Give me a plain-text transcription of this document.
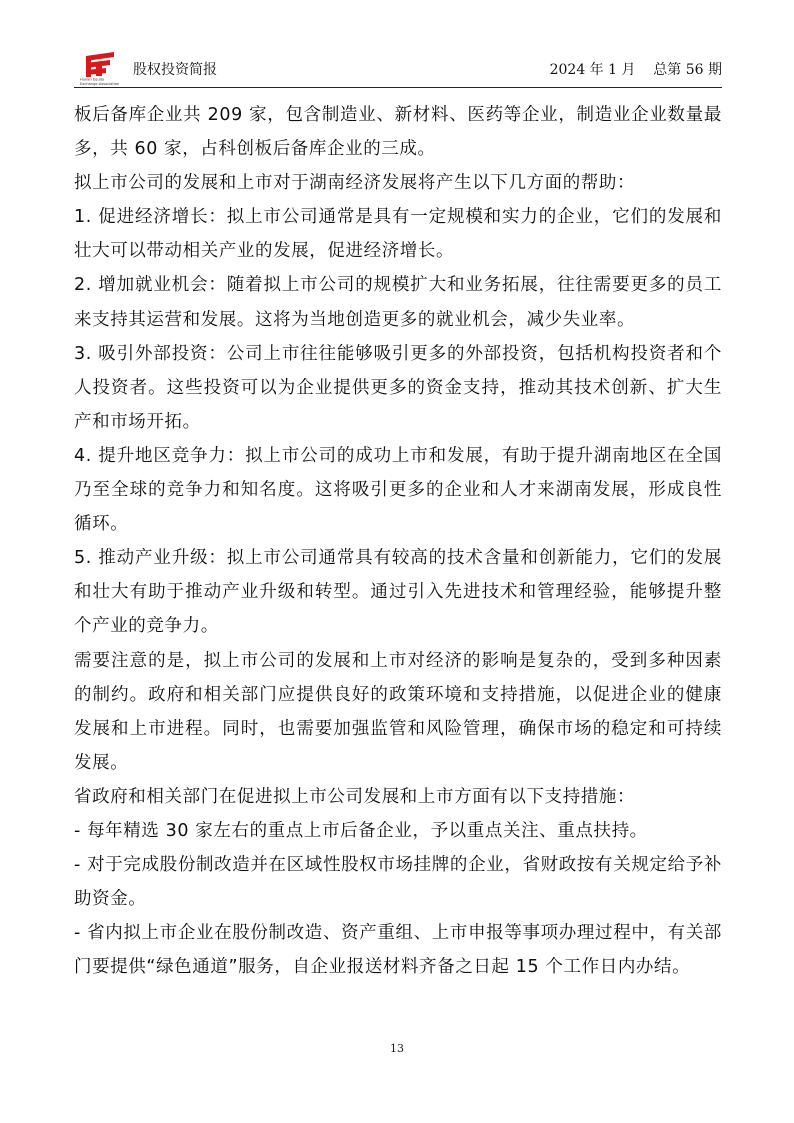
Hunan Equity Exchange Association
股权投资简报	2024 年 1 月    总第 56 期

板后备库企业共 209 家，包含制造业、新材料、医药等企业，制造业企业数量最多，共 60 家，占科创板后备库企业的三成。

拟上市公司的发展和上市对于湖南经济发展将产生以下几方面的帮助：

1. 促进经济增长：拟上市公司通常是具有一定规模和实力的企业，它们的发展和壮大可以带动相关产业的发展，促进经济增长。

2. 增加就业机会：随着拟上市公司的规模扩大和业务拓展，往往需要更多的员工来支持其运营和发展。这将为当地创造更多的就业机会，减少失业率。

3. 吸引外部投资：公司上市往往能够吸引更多的外部投资，包括机构投资者和个人投资者。这些投资可以为企业提供更多的资金支持，推动其技术创新、扩大生产和市场开拓。

4. 提升地区竞争力：拟上市公司的成功上市和发展，有助于提升湖南地区在全国乃至全球的竞争力和知名度。这将吸引更多的企业和人才来湖南发展，形成良性循环。

5. 推动产业升级：拟上市公司通常具有较高的技术含量和创新能力，它们的发展和壮大有助于推动产业升级和转型。通过引入先进技术和管理经验，能够提升整个产业的竞争力。

需要注意的是，拟上市公司的发展和上市对经济的影响是复杂的，受到多种因素的制约。政府和相关部门应提供良好的政策环境和支持措施，以促进企业的健康发展和上市进程。同时，也需要加强监管和风险管理，确保市场的稳定和可持续发展。

省政府和相关部门在促进拟上市公司发展和上市方面有以下支持措施：

- 每年精选 30 家左右的重点上市后备企业，予以重点关注、重点扶持。

- 对于完成股份制改造并在区域性股权市场挂牌的企业，省财政按有关规定给予补助资金。

- 省内拟上市企业在股份制改造、资产重组、上市申报等事项办理过程中，有关部门要提供“绿色通道”服务，自企业报送材料齐备之日起 15 个工作日内办结。

13
